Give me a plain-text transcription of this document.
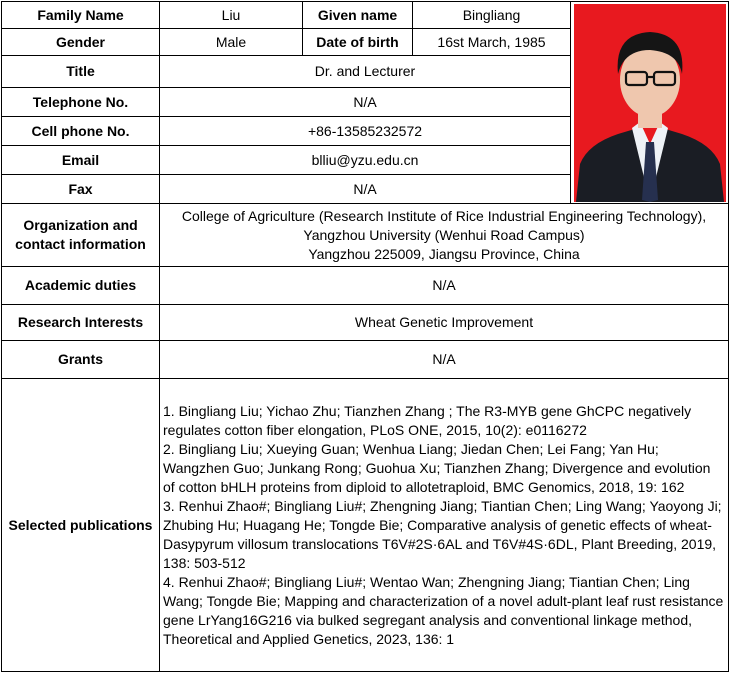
Family Name	Liu	Given name	Bingliang	

Gender	Male	Date of birth	16st March, 1985	
Title	Dr. and Lecturer			
Telephone No.	N/A			
Cell phone No.	+86-13585232572			
Email	blliu@yzu.edu.cn			
Fax	N/A			
Organization and contact information	College of Agriculture (Research Institute of Rice Industrial Engineering Technology),
Yangzhou University (Wenhui Road Campus)
Yangzhou 225009, Jiangsu Province, China			

Academic duties	N/A			
Research Interests	Wheat Genetic Improvement			
Grants	N/A			
Selected publications	1. Bingliang Liu; Yichao Zhu; Tianzhen Zhang ; The R3-MYB gene GhCPC negatively regulates cotton fiber elongation, PLoS ONE, 2015, 10(2): e0116272
2. Bingliang Liu; Xueying Guan; Wenhua Liang; Jiedan Chen; Lei Fang; Yan Hu; Wangzhen Guo; Junkang Rong; Guohua Xu; Tianzhen Zhang; Divergence and evolution of cotton bHLH proteins from diploid to allotetraploid, BMC Genomics, 2018, 19: 162
3. Renhui Zhao#; Bingliang Liu#; Zhengning Jiang; Tiantian Chen; Ling Wang; Yaoyong Ji; Zhubing Hu; Huagang He; Tongde Bie; Comparative analysis of genetic effects of wheat-Dasypyrum villosum translocations T6V#2S·6AL and T6V#4S·6DL, Plant Breeding, 2019, 138: 503-512
4. Renhui Zhao#; Bingliang Liu#; Wentao Wan; Zhengning Jiang; Tiantian Chen; Ling Wang; Tongde Bie; Mapping and characterization of a novel adult-plant leaf rust resistance gene LrYang16G216 via bulked segregant analysis and conventional linkage method, Theoretical and Applied Genetics, 2023, 136: 1			
